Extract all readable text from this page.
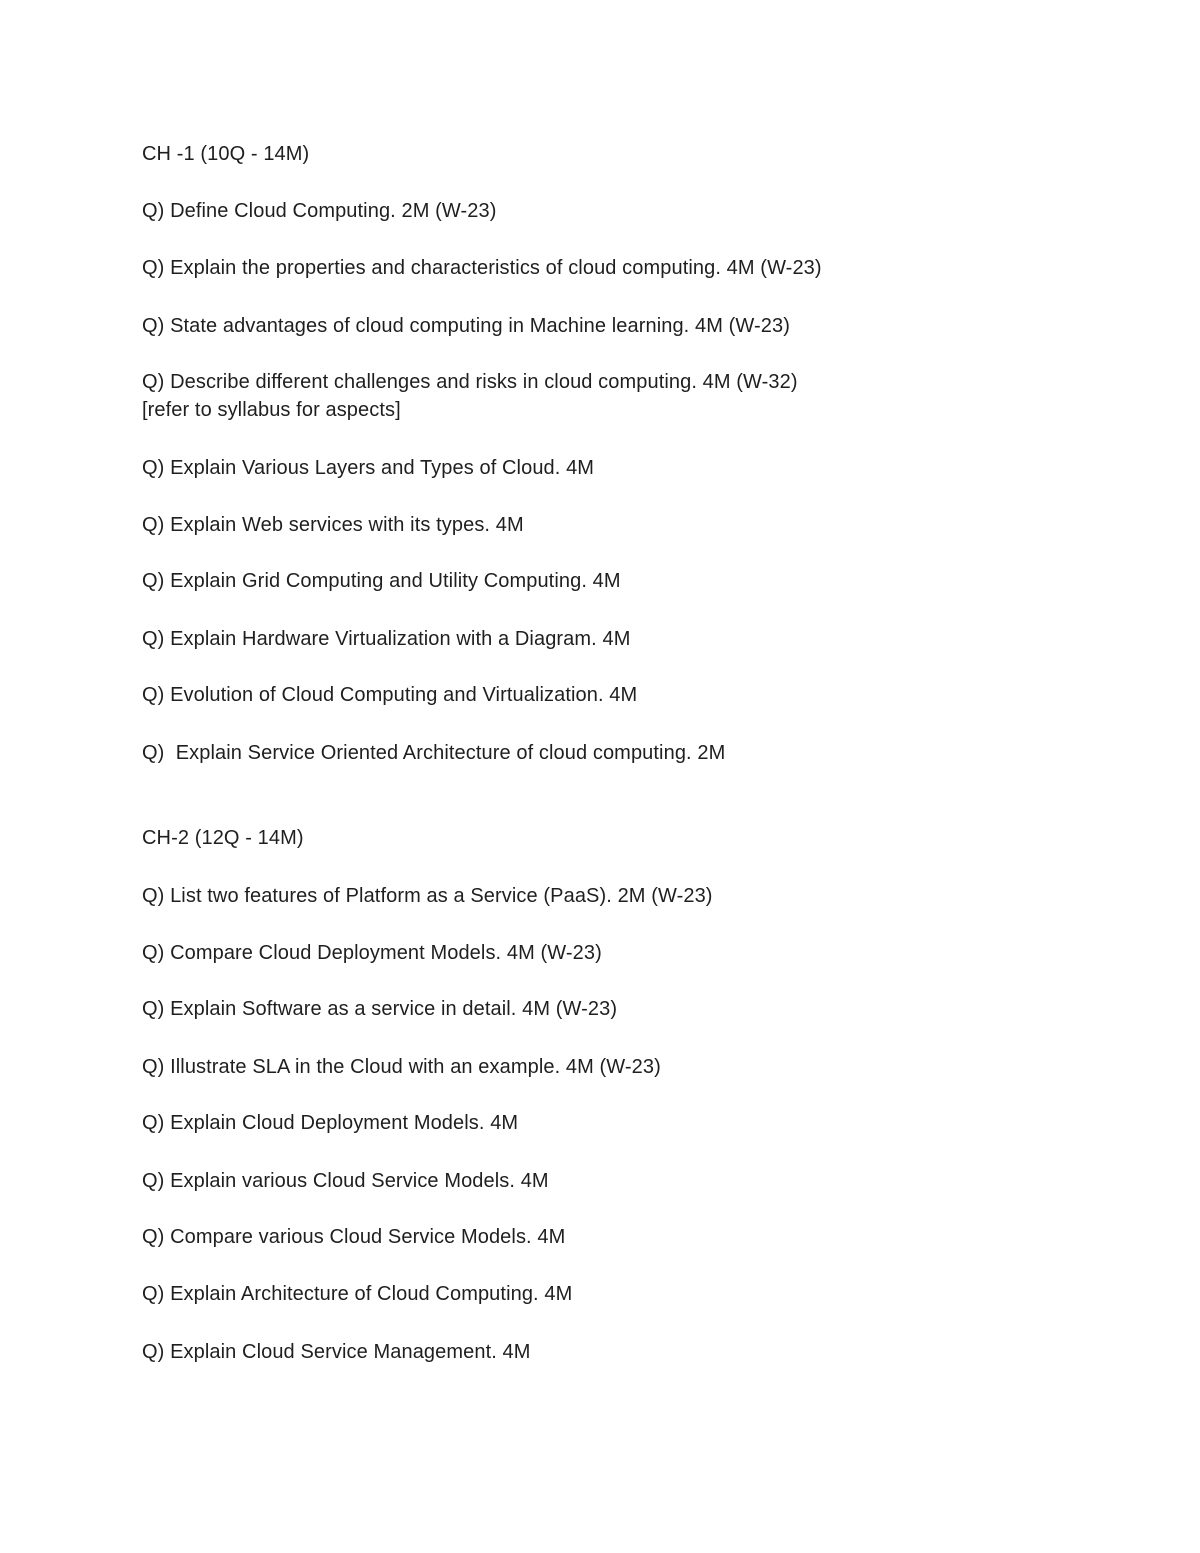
CH -1 (10Q - 14M)

Q) Define Cloud Computing. 2M (W-23)

Q) Explain the properties and characteristics of cloud computing. 4M (W-23)

Q) State advantages of cloud computing in Machine learning. 4M (W-23)

Q) Describe different challenges and risks in cloud computing. 4M (W-32)

[refer to syllabus for aspects]

Q) Explain Various Layers and Types of Cloud. 4M

Q) Explain Web services with its types. 4M

Q) Explain Grid Computing and Utility Computing. 4M

Q) Explain Hardware Virtualization with a Diagram. 4M

Q) Evolution of Cloud Computing and Virtualization. 4M

Q)  Explain Service Oriented Architecture of cloud computing. 2M

CH-2 (12Q - 14M)

Q) List two features of Platform as a Service (PaaS). 2M (W-23)

Q) Compare Cloud Deployment Models. 4M (W-23)

Q) Explain Software as a service in detail. 4M (W-23)

Q) Illustrate SLA in the Cloud with an example. 4M (W-23)

Q) Explain Cloud Deployment Models. 4M

Q) Explain various Cloud Service Models. 4M

Q) Compare various Cloud Service Models. 4M

Q) Explain Architecture of Cloud Computing. 4M

Q) Explain Cloud Service Management. 4M
